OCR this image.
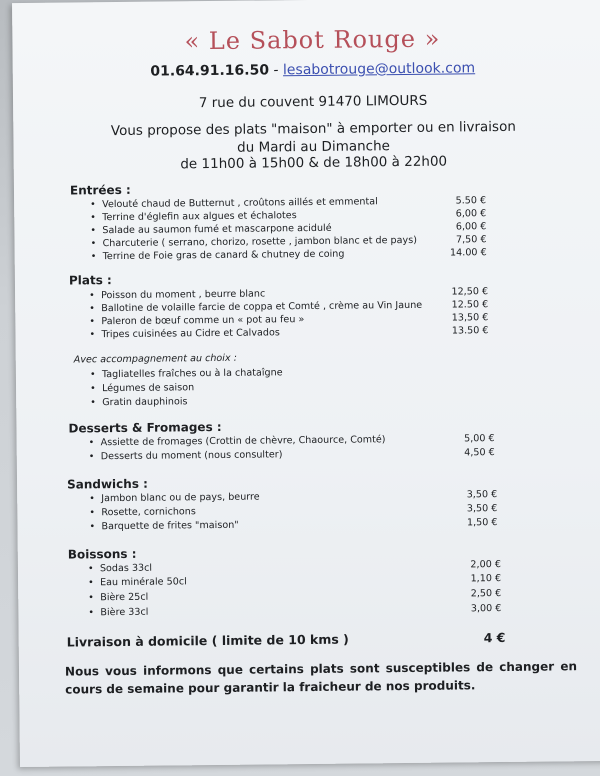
« Le Sabot Rouge »
01.64.91.16.50 - lesabotrouge@outlook.com
7 rue du couvent 91470 LIMOURS
Vous propose des plats "maison" à emporter ou en livraison
du Mardi au Dimanche
de 11h00 à 15h00 & de 18h00 à 22h00
Entrées :
• Velouté chaud de Butternut , croûtons aillés et emmental	5.50 €
• Terrine d'églefin aux algues et échalotes	6,00 €
• Salade au saumon fumé et mascarpone acidulé	6,00 €
• Charcuterie ( serrano, chorizo, rosette , jambon blanc et de pays)	7,50 €
• Terrine de Foie gras de canard & chutney de coing	14.00 €
Plats :
• Poisson du moment , beurre blanc	12,50 €
• Ballotine de volaille farcie de coppa et Comté , crème au Vin Jaune	12.50 €
• Paleron de bœuf comme un « pot au feu »	13,50 €
• Tripes cuisinées au Cidre et Calvados	13.50 €
Avec accompagnement au choix :
• Tagliatelles fraîches ou à la chataîgne
• Légumes de saison
• Gratin dauphinois
Desserts & Fromages :
• Assiette de fromages (Crottin de chèvre, Chaource, Comté)	5,00 €
• Desserts du moment (nous consulter)	4,50 €
Sandwichs :
• Jambon blanc ou de pays, beurre	3,50 €
• Rosette, cornichons	3,50 €
• Barquette de frites "maison"	1,50 €
Boissons :
• Sodas 33cl	2,00 €
• Eau minérale 50cl	1,10 €
• Bière 25cl	2,50 €
• Bière 33cl	3,00 €
Livraison à domicile ( limite de 10 kms )	4 €
Nous vous informons que certains plats sont susceptibles de changer en cours de semaine pour garantir la fraicheur de nos produits.
